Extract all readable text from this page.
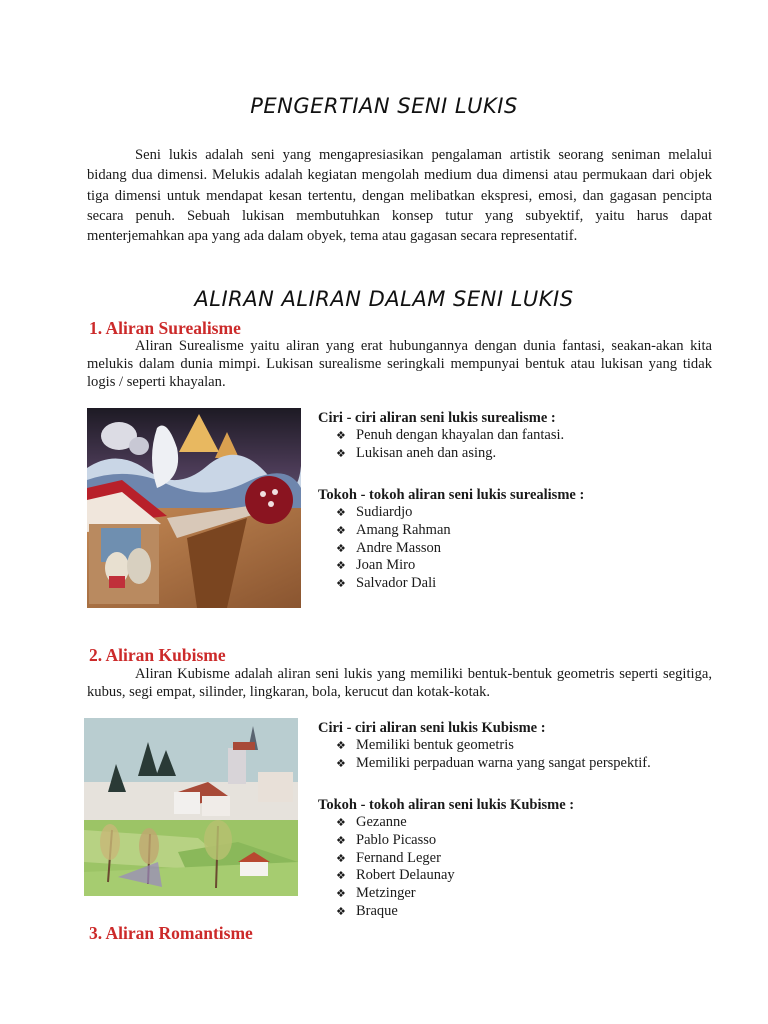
PENGERTIAN SENI LUKIS
Seni lukis adalah seni yang mengapresiasikan pengalaman artistik seorang seniman melalui bidang dua dimensi. Melukis adalah kegiatan mengolah medium dua dimensi atau permukaan dari objek tiga dimensi untuk mendapat kesan tertentu, dengan melibatkan ekspresi, emosi, dan gagasan pencipta secara penuh. Sebuah lukisan membutuhkan konsep tutur yang subyektif, yaitu harus dapat menterjemahkan apa yang ada dalam obyek, tema atau gagasan secara representatif.
ALIRAN ALIRAN DALAM SENI LUKIS
1. Aliran Surealisme
Aliran Surealisme yaitu aliran yang erat hubungannya dengan dunia fantasi, seakan-akan kita melukis dalam dunia mimpi. Lukisan surealisme seringkali mempunyai bentuk atau lukisan yang tidak logis / seperti khayalan.
Ciri - ciri aliran seni lukis surealisme :
❖ Penuh dengan khayalan dan fantasi.
❖ Lukisan aneh dan asing.
Tokoh - tokoh aliran seni lukis surealisme :
❖ Sudiardjo
❖ Amang Rahman
❖ Andre Masson
❖ Joan Miro
❖ Salvador Dali
2. Aliran Kubisme
Aliran Kubisme adalah aliran seni lukis yang memiliki bentuk-bentuk geometris seperti segitiga, kubus, segi empat, silinder, lingkaran, bola, kerucut dan kotak-kotak.
Ciri - ciri aliran seni lukis Kubisme :
❖ Memiliki bentuk geometris
❖ Memiliki perpaduan warna yang sangat perspektif.
Tokoh - tokoh aliran seni lukis Kubisme :
❖ Gezanne
❖ Pablo Picasso
❖ Fernand Leger
❖ Robert Delaunay
❖ Metzinger
❖ Braque
3. Aliran Romantisme
